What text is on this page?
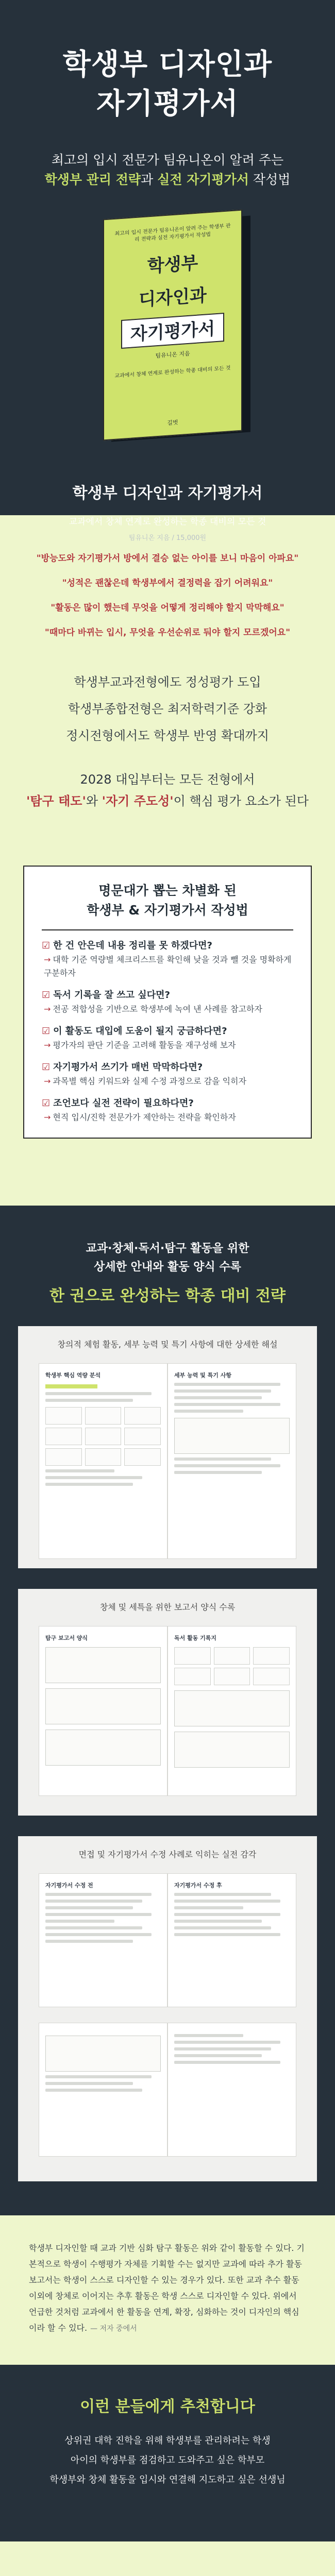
학생부 디자인과
자기평가서
최고의 입시 전문가 팀유니온이 알려 주는
학생부 관리 전략과 실전 자기평가서 작성법
최고의 입시 전문가 팀유니온이 알려 주는 학생부 관리 전략과 실전 자기평가서 작성법
학생부
디자인과
자기평가서
팀유니온 지음
교과에서 창체 연계로 완성하는 학종 대비의 모든 것
길벗
학생부 디자인과 자기평가서
교과에서 창체 연계로 완성하는 학종 대비의 모든 것
팀유니온 지음 / 15,000원
"방능도와 자기평가서 방에서 결승 없는 아이를 보니 마음이 아파요"
"성적은 괜찮은데 학생부에서 결정력을 잡기 어려워요"
"활동은 많이 했는데 무엇을 어떻게 정리해야 할지 막막해요"
"때마다 바뀌는 입시, 무엇을 우선순위로 둬야 할지 모르겠어요"
학생부교과전형에도 정성평가 도입
학생부종합전형은 최저학력기준 강화
정시전형에서도 학생부 반영 확대까지
2028 대입부터는 모든 전형에서
'탐구 태도'와 '자기 주도성'이 핵심 평가 요소가 된다
명문대가 뽑는 차별화 된
학생부 & 자기평가서 작성법
☑ 한 건 안은데 내용 정리를 못 하겠다면?
→ 대학 기준 역량별 체크리스트를 확인해 낮을 것과 뺄 것을 명확하게 구분하자
☑ 독서 기록을 잘 쓰고 싶다면?
→ 전공 적합성을 기반으로 학생부에 녹여 낸 사례를 참고하자
☑ 이 활동도 대입에 도움이 될지 궁금하다면?
→ 평가자의 판단 기준을 고려해 활동을 재구성해 보자
☑ 자기평가서 쓰기가 매번 막막하다면?
→ 과목별 핵심 키워드와 실제 수정 과정으로 감을 익히자
☑ 조언보다 실전 전략이 필요하다면?
→ 현직 입시/진학 전문가가 제안하는 전략을 확인하자
교과·창체·독서·탐구 활동을 위한
상세한 안내와 활동 양식 수록
한 권으로 완성하는 학종 대비 전략
창의적 체험 활동, 세부 능력 및 특기 사항에 대한 상세한 해설
학생부 핵심 역량 분석	세부 능력 및 특기 사항
창체 및 세특을 위한 보고서 양식 수록
탐구 보고서 양식	독서 활동 기록지
면접 및 자기평가서 수정 사례로 익히는 실전 감각
자기평가서 수정 전	자기평가서 수정 후

학생부 디자인할 때 교과 기반 심화 탐구 활동은 위와 같이 활동할 수 있다. 기본적으로 학생이 수행평가 자체를 기획할 수는 없지만 교과에 따라 추가 활동 보고서는 학생이 스스로 디자인할 수 있는 경우가 있다. 또한 교과 추수 활동 이외에 창체로 이어지는 추후 활동은 학생 스스로 디자인할 수 있다. 위에서 언급한 것처럼 교과에서 한 활동을 연계, 확장, 심화하는 것이 디자인의 핵심이라 할 수 있다. — 저자 중에서

이런 분들에게 추천합니다
상위권 대학 진학을 위해 학생부를 관리하려는 학생
아이의 학생부를 점검하고 도와주고 싶은 학부모
학생부와 창체 활동을 입시와 연결해 지도하고 싶은 선생님
